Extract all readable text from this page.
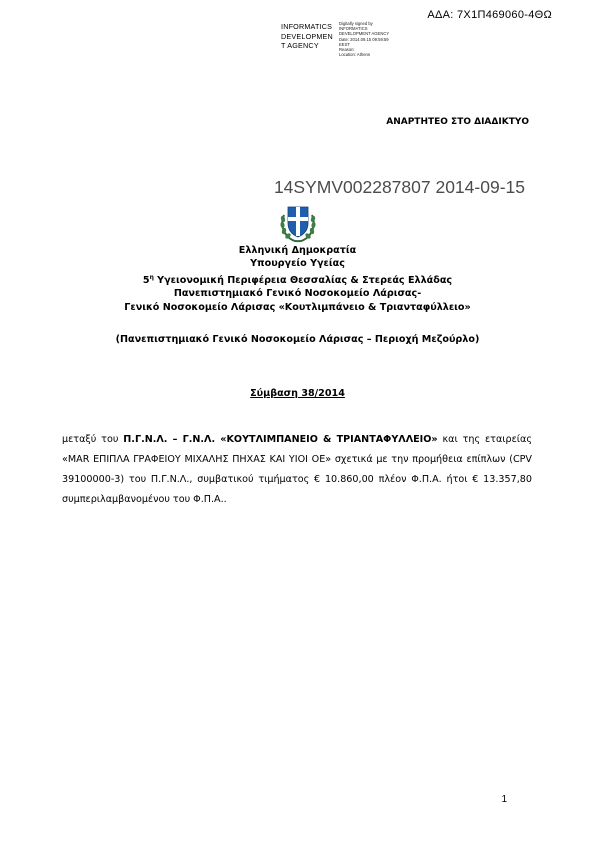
ΑΔΑ: 7Χ1Π469060-4ΘΩ
INFORMATICS
DEVELOPMEN
T AGENCY
Digitally signed by
INFORMATICS
DEVELOPMENT AGENCY
Date: 2014.09.15 09:59:59
EEST
Reason:
Location: Athens
ΑΝΑΡΤΗΤΕΟ ΣΤΟ ΔΙΑΔΙΚΤΥΟ
14SYMV002287807 2014-09-15
Ελληνική Δημοκρατία
Υπουργείο Υγείας
$5^\eta$ Υγειονομική Περιφέρεια Θεσσαλίας & Στερεάς Ελλάδας
Πανεπιστημιακό Γενικό Νοσοκομείο Λάρισας-
Γενικό Νοσοκομείο Λάρισας «Κουτλιμπάνειο & Τριανταφύλλειο»
(Πανεπιστημιακό Γενικό Νοσοκομείο Λάρισας – Περιοχή Μεζούρλο)
Σύμβαση 38/2014
μεταξύ του Π.Γ.Ν.Λ. – Γ.Ν.Λ. «ΚΟΥΤΛΙΜΠΑΝΕΙΟ & ΤΡΙΑΝΤΑΦΥΛΛΕΙΟ» και της εταιρείας «MAR ΕΠΙΠΛΑ ΓΡΑΦΕΙΟΥ ΜΙΧΑΛΗΣ ΠΗΧΑΣ ΚΑΙ ΥΙΟΙ ΟΕ» σχετικά με την προμήθεια επίπλων (CPV 39100000-3) του Π.Γ.Ν.Λ., συμβατικού τιμήματος € 10.860,00 πλέον Φ.Π.Α. ήτοι € 13.357,80 συμπεριλαμβανομένου του Φ.Π.Α..
1
